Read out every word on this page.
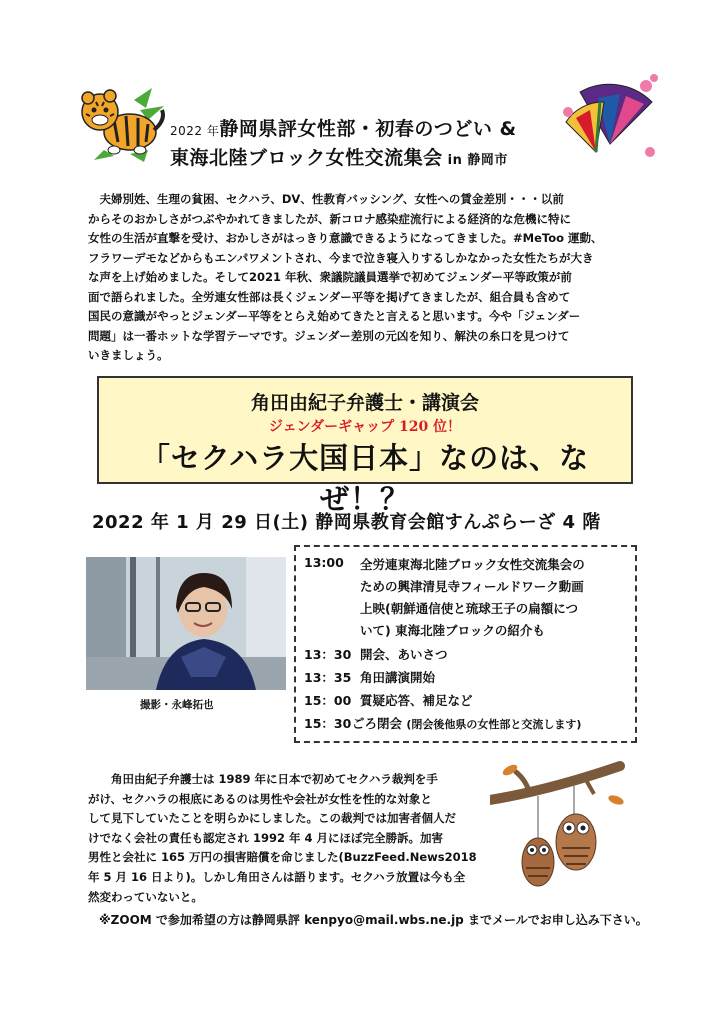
2022 年静岡県評女性部・初春のつどい &
東海北陸ブロック女性交流集会 in 静岡市
夫婦別姓、生理の貧困、セクハラ、DV、性教育バッシング、女性への賃金差別・・・以前
からそのおかしさがつぶやかれてきましたが、新コロナ感染症流行による経済的な危機に特に
女性の生活が直撃を受け、おかしさがはっきり意識できるようになってきました。#MeToo 運動、
フラワーデモなどからもエンパワメントされ、今まで泣き寝入りするしかなかった女性たちが大き
な声を上げ始めました。そして2021 年秋、衆議院議員選挙で初めてジェンダー平等政策が前
面で語られました。全労連女性部は長くジェンダー平等を掲げてきましたが、組合員も含めて
国民の意識がやっとジェンダー平等をとらえ始めてきたと言えると思います。今や「ジェンダー
問題」は一番ホットな学習テーマです。ジェンダー差別の元凶を知り、解決の糸口を見つけて
いきましょう。
角田由紀子弁護士・講演会
ジェンダーギャップ 120 位！
「セクハラ大国日本」なのは、なぜ！？
2022 年 1 月 29 日(土) 静岡県教育会館すんぷらーざ 4 階
撮影・永峰拓也
13:00 全労連東海北陸ブロック女性交流集会の
ための興津清見寺フィールドワーク動画
上映(朝鮮通信使と琉球王子の扁額につ
いて) 東海北陸ブロックの紹介も
13：30 開会、あいさつ
13：35 角田講演開始
15：00 質疑応答、補足など
15：30 ごろ閉会 (閉会後他県の女性部と交流します)
角田由紀子弁護士は 1989 年に日本で初めてセクハラ裁判を手
がけ、セクハラの根底にあるのは男性や会社が女性を性的な対象と
して見下していたことを明らかにしました。この裁判では加害者個人だ
けでなく会社の責任も認定され 1992 年 4 月にほぼ完全勝訴。加害
男性と会社に 165 万円の損害賠償を命じました(BuzzFeed.News2018
年 5 月 16 日より)。しかし角田さんは語ります。セクハラ放置は今も全
然変わっていないと。
※ZOOM で参加希望の方は静岡県評 kenpyo@mail.wbs.ne.jp までメールでお申し込み下さい。
